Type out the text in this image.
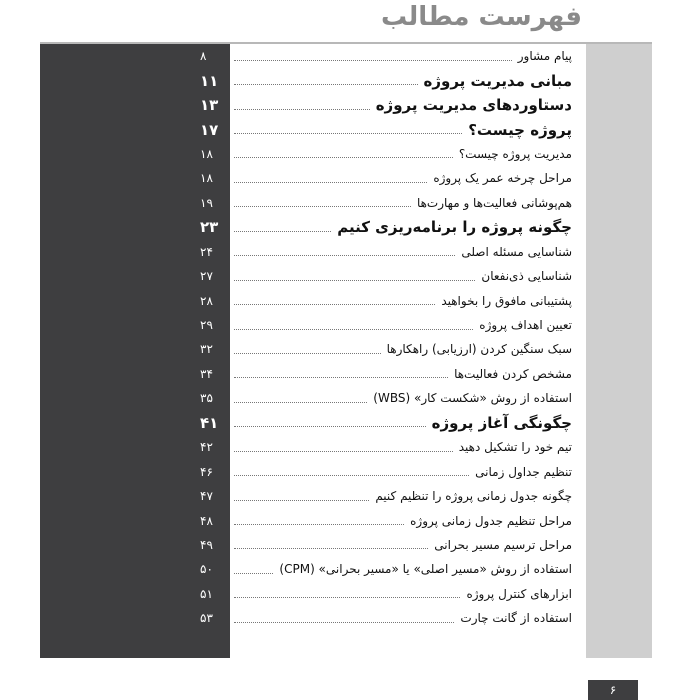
فهرست مطالب
پیام مشاور
۸
مبانی مدیریت پروژه
۱۱
دستاوردهای مدیریت پروژه
۱۳
پروژه چیست؟
۱۷
مدیریت پروژه چیست؟
۱۸
مراحل چرخه عمر یک پروژه
۱۸
هم‌پوشانی فعالیت‌ها و مهارت‌ها
۱۹
چگونه پروژه را برنامه‌ریزی کنیم
۲۳
شناسایی مسئله اصلی
۲۴
شناسایی ذی‌نفعان
۲۷
پشتیبانی مافوق را بخواهید
۲۸
تعیین اهداف پروژه
۲۹
سبک سنگین کردن (ارزیابی) راهکارها
۳۲
مشخص کردن فعالیت‌ها
۳۴
استفاده از روش «شکست کار» (WBS)
۳۵
چگونگی آغاز پروژه
۴۱
تیم خود را تشکیل دهید
۴۲
تنظیم جداول زمانی
۴۶
چگونه جدول زمانی پروژه را تنظیم کنیم
۴۷
مراحل تنظیم جدول زمانی پروژه
۴۸
مراحل ترسیم مسیر بحرانی
۴۹
استفاده از روش «مسیر اصلی» یا «مسیر بحرانی» (CPM)
۵۰
ابزارهای کنترل پروژه
۵۱
استفاده از گانت چارت
۵۳
۶
